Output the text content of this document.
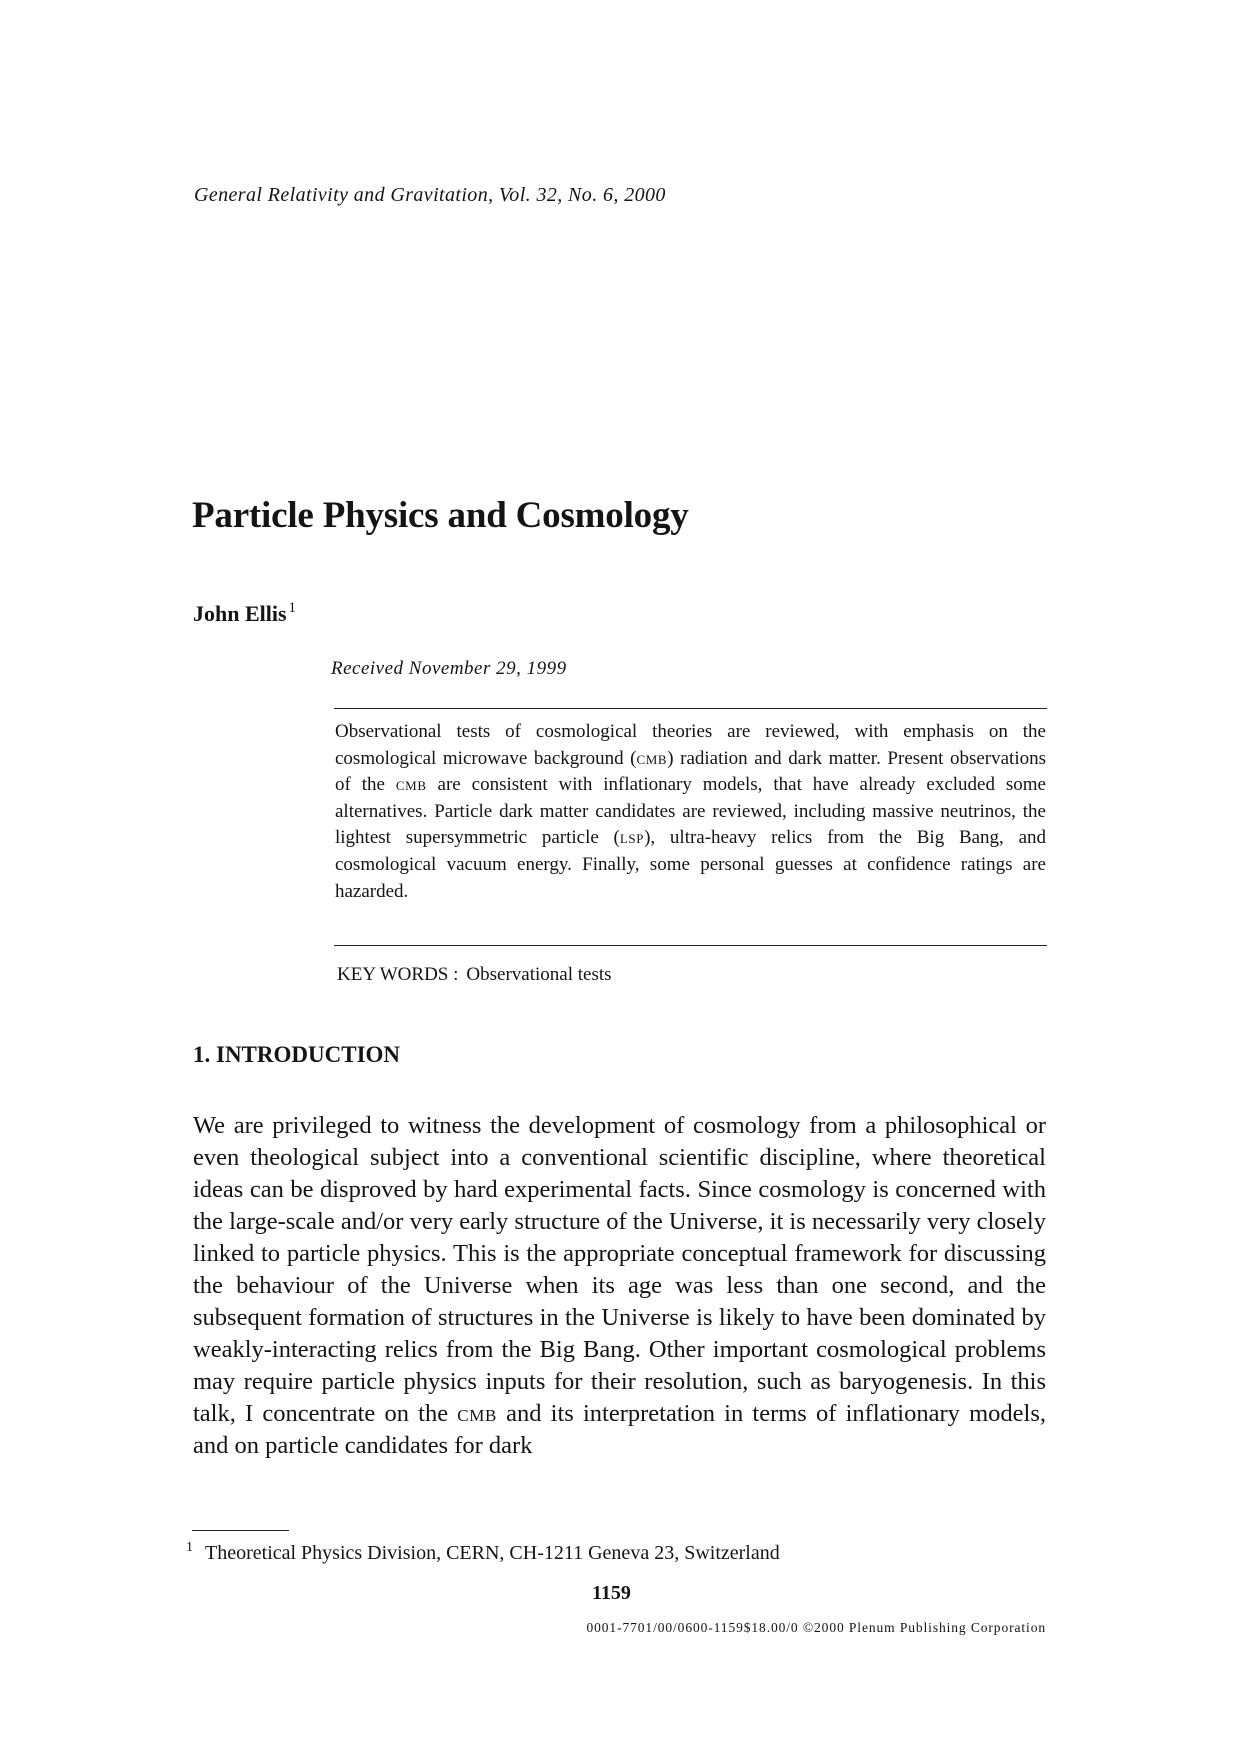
General Relativity and Gravitation, Vol. 32, No. 6, 2000
Particle Physics and Cosmology
John Ellis $^1$
Received November 29, 1999

Observational tests of cosmological theories are reviewed, with emphasis on the cosmological microwave background (cmb) radiation and dark matter. Present observations of the cmb are consistent with inflationary models, that have already excluded some alternatives. Particle dark matter candidates are reviewed, including massive neutrinos, the lightest supersymmetric particle (lsp), ultra-heavy relics from the Big Bang, and cosmological vacuum energy. Finally, some personal guesses at confidence ratings are hazarded.

KEY WORDS : Observational tests
1. INTRODUCTION

We are privileged to witness the development of cosmology from a philosophical or even theological subject into a conventional scientific discipline, where theoretical ideas can be disproved by hard experimental facts. Since cosmology is concerned with the large-scale and/or very early structure of the Universe, it is necessarily very closely linked to particle physics. This is the appropriate conceptual framework for discussing the behaviour of the Universe when its age was less than one second, and the subsequent formation of structures in the Universe is likely to have been dominated by weakly-interacting relics from the Big Bang. Other important cosmological problems may require particle physics inputs for their resolution, such as baryogenesis. In this talk, I concentrate on the cmb and its interpretation in terms of inflationary models, and on particle candidates for dark

$^1$ Theoretical Physics Division, CERN, CH-1211 Geneva 23, Switzerland
1159
0001-7701/00/0600-1159$18.00/0 ©2000 Plenum Publishing Corporation
